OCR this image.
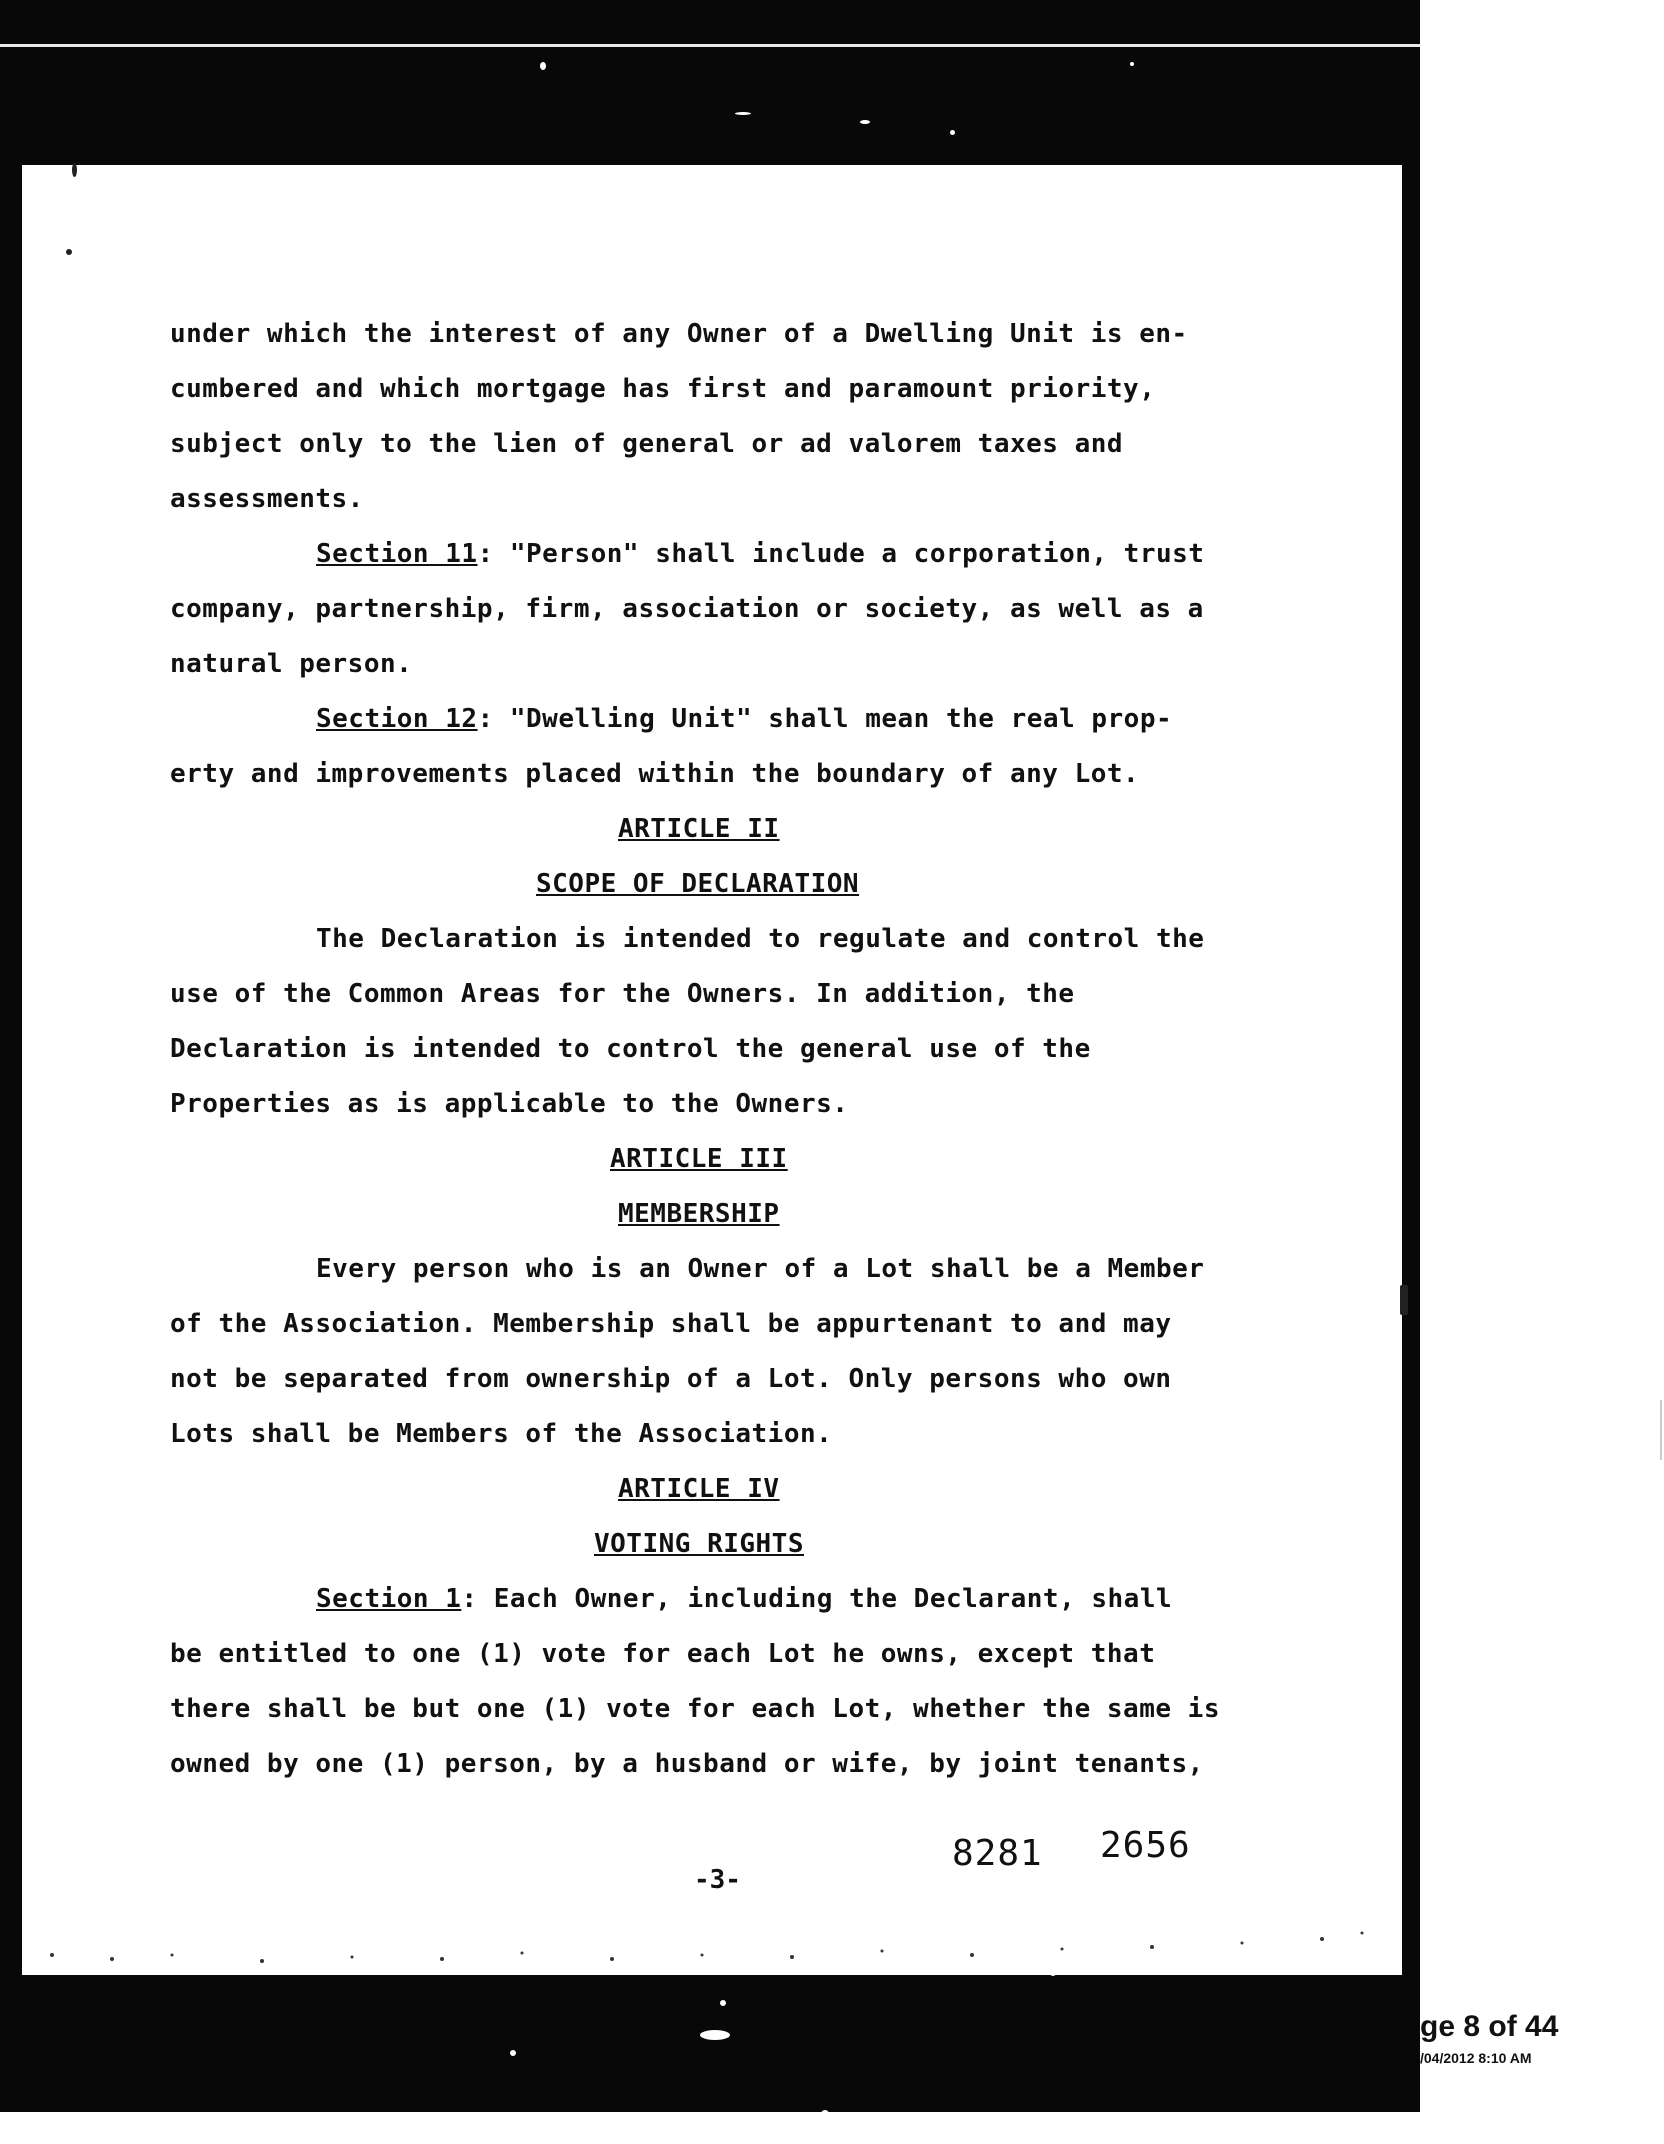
under which the interest of any Owner of a Dwelling Unit is en-
cumbered and which mortgage has first and paramount priority,
subject only to the lien of general or ad valorem taxes and
assessments.
Section 11: "Person" shall include a corporation, trust
company, partnership, firm, association or society, as well as a
natural person.
Section 12: "Dwelling Unit" shall mean the real prop-
erty and improvements placed within the boundary of any Lot.
ARTICLE II
SCOPE OF DECLARATION
The Declaration is intended to regulate and control the
use of the Common Areas for the Owners. In addition, the
Declaration is intended to control the general use of the
Properties as is applicable to the Owners.
ARTICLE III
MEMBERSHIP
Every person who is an Owner of a Lot shall be a Member
of the Association. Membership shall be appurtenant to and may
not be separated from ownership of a Lot. Only persons who own
Lots shall be Members of the Association.
ARTICLE IV
VOTING RIGHTS
Section 1: Each Owner, including the Declarant, shall
be entitled to one (1) vote for each Lot he owns, except that
there shall be but one (1) vote for each Lot, whether the same is
owned by one (1) person, by a husband or wife, by joint tenants,
-3-
8281 2656
ge 8 of 44
/04/2012 8:10 AM
